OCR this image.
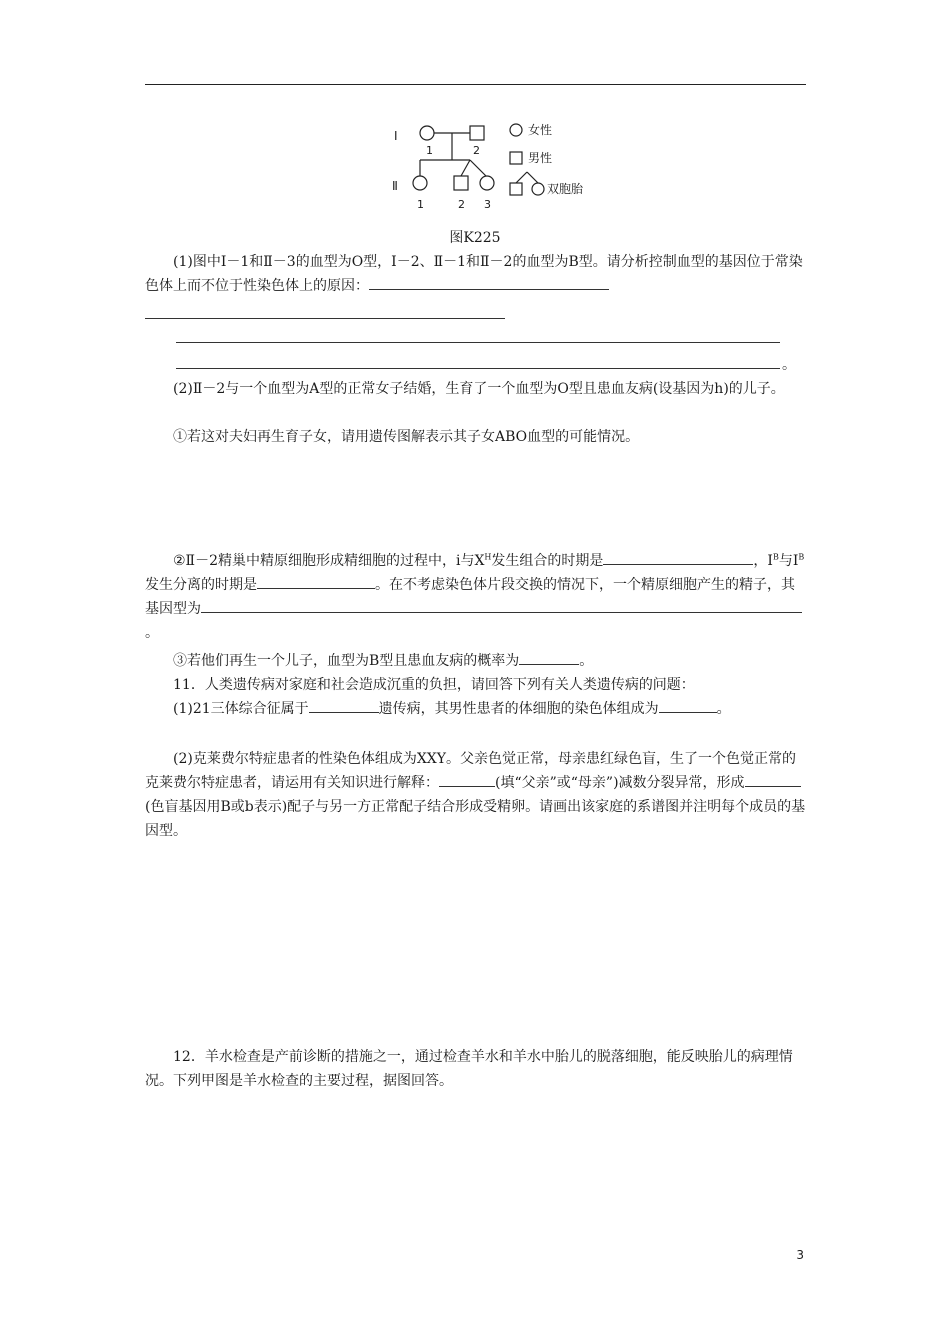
Ⅰ
Ⅱ
1	2
1	2 3
女性
男性
双胞胎
图K225

(1)图中Ⅰ－1和Ⅱ－3的血型为O型，Ⅰ－2、Ⅱ－1和Ⅱ－2的血型为B型。请分析控制血型的基因位于常染色体上而不位于性染色体上的原因：

。

(2)Ⅱ－2与一个血型为A型的正常女子结婚，生育了一个血型为O型且患血友病(设基因为h)的儿子。

①若这对夫妇再生育子女，请用遗传图解表示其子女ABO血型的可能情况。

②Ⅱ－2精巢中精原细胞形成精细胞的过程中，i与$X^H$发生组合的时期是	，$I^B$与$I^B$发生分离的时期是	。在不考虑染色体片段交换的情况下，一个精原细胞产生的精子，其基因型为。

③若他们再生一个儿子，血型为B型且患血友病的概率为	。

11．人类遗传病对家庭和社会造成沉重的负担，请回答下列有关人类遗传病的问题：

(1)21三体综合征属于	遗传病，其男性患者的体细胞的染色体组成为	。

(2)克莱费尔特症患者的性染色体组成为XXY。父亲色觉正常，母亲患红绿色盲，生了一个色觉正常的克莱费尔特症患者，请运用有关知识进行解释：	(填“父亲”或“母亲”)减数分裂异常，形成(色盲基因用B或b表示)配子与另一方正常配子结合形成受精卵。请画出该家庭的系谱图并注明每个成员的基因型。

12．羊水检查是产前诊断的措施之一，通过检查羊水和羊水中胎儿的脱落细胞，能反映胎儿的病理情况。下列甲图是羊水检查的主要过程，据图回答。

3
